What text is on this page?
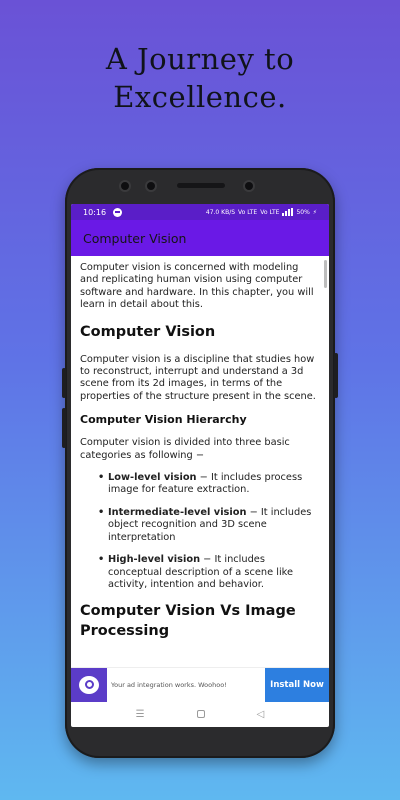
A Journey to
Excellence.
10:16	47.0 KB/S Vo LTE Vo LTE	50% ⚡
Computer Vision

Computer vision is concerned with modeling and replicating human vision using computer software and hardware. In this chapter, you will learn in detail about this.

Computer Vision

Computer vision is a discipline that studies how to reconstruct, interrupt and understand a 3d scene from its 2d images, in terms of the properties of the structure present in the scene.

Computer Vision Hierarchy

Computer vision is divided into three basic categories as following −

• Low-level vision − It includes process image for feature extraction.
• Intermediate-level vision − It includes object recognition and 3D scene interpretation
• High-level vision − It includes conceptual description of a scene like activity, intention and behavior.
Computer Vision Vs Image Processing
Your ad integration works. Woohoo!	Install Now
☰	◁
